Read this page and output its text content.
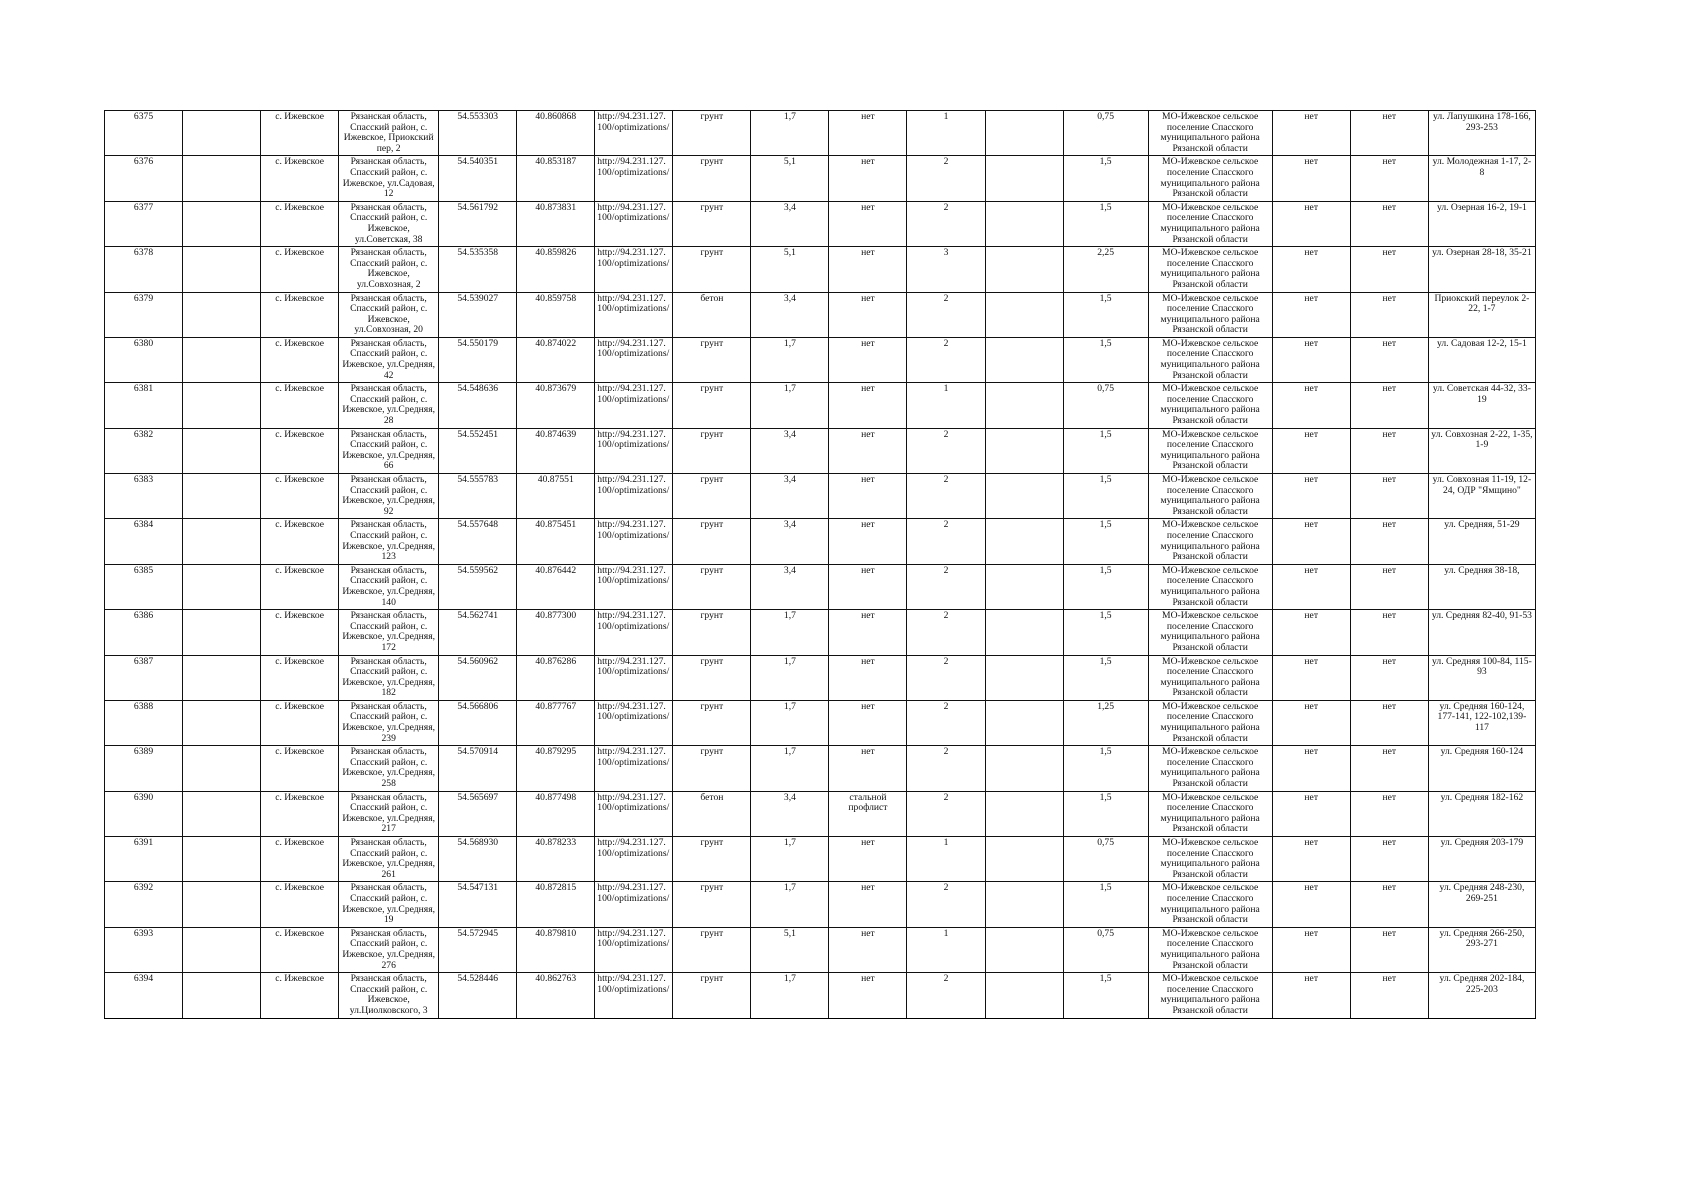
6375		с. Ижевское	Рязанская область, Спасский район, с. Ижевское, Приокский пер, 2	54.553303	40.860868	http://94.231.127.100/optimizations/	грунт	1,7	нет	1		0,75	МО-Ижевское сельское поселение Спасского муниципального района Рязанской области	нет	нет	ул. Лапушкина 178-166, 293-253
6376		с. Ижевское	Рязанская область, Спасский район, с. Ижевское, ул.Садовая, 12	54.540351	40.853187	http://94.231.127.100/optimizations/	грунт	5,1	нет	2		1,5	МО-Ижевское сельское поселение Спасского муниципального района Рязанской области	нет	нет	ул. Молодежная 1-17, 2-8
6377		с. Ижевское	Рязанская область, Спасский район, с. Ижевское, ул.Советская, 38	54.561792	40.873831	http://94.231.127.100/optimizations/	грунт	3,4	нет	2		1,5	МО-Ижевское сельское поселение Спасского муниципального района Рязанской области	нет	нет	ул. Озерная 16-2, 19-1
6378		с. Ижевское	Рязанская область, Спасский район, с. Ижевское, ул.Совхозная, 2	54.535358	40.859826	http://94.231.127.100/optimizations/	грунт	5,1	нет	3		2,25	МО-Ижевское сельское поселение Спасского муниципального района Рязанской области	нет	нет	ул. Озерная 28-18, 35-21
6379		с. Ижевское	Рязанская область, Спасский район, с. Ижевское, ул.Совхозная, 20	54.539027	40.859758	http://94.231.127.100/optimizations/	бетон	3,4	нет	2		1,5	МО-Ижевское сельское поселение Спасского муниципального района Рязанской области	нет	нет	Приокский переулок 2-22, 1-7
6380		с. Ижевское	Рязанская область, Спасский район, с. Ижевское, ул.Средняя, 42	54.550179	40.874022	http://94.231.127.100/optimizations/	грунт	1,7	нет	2		1,5	МО-Ижевское сельское поселение Спасского муниципального района Рязанской области	нет	нет	ул. Садовая 12-2, 15-1
6381		с. Ижевское	Рязанская область, Спасский район, с. Ижевское, ул.Средняя, 28	54.548636	40.873679	http://94.231.127.100/optimizations/	грунт	1,7	нет	1		0,75	МО-Ижевское сельское поселение Спасского муниципального района Рязанской области	нет	нет	ул. Советская 44-32, 33-19
6382		с. Ижевское	Рязанская область, Спасский район, с. Ижевское, ул.Средняя, 66	54.552451	40.874639	http://94.231.127.100/optimizations/	грунт	3,4	нет	2		1,5	МО-Ижевское сельское поселение Спасского муниципального района Рязанской области	нет	нет	ул. Совхозная 2-22, 1-35, 1-9
6383		с. Ижевское	Рязанская область, Спасский район, с. Ижевское, ул.Средняя, 92	54.555783	40.87551	http://94.231.127.100/optimizations/	грунт	3,4	нет	2		1,5	МО-Ижевское сельское поселение Спасского муниципального района Рязанской области	нет	нет	ул. Совхозная 11-19, 12-24, ОДР "Ямщино"
6384		с. Ижевское	Рязанская область, Спасский район, с. Ижевское, ул.Средняя, 123	54.557648	40.875451	http://94.231.127.100/optimizations/	грунт	3,4	нет	2		1,5	МО-Ижевское сельское поселение Спасского муниципального района Рязанской области	нет	нет	ул. Средняя, 51-29
6385		с. Ижевское	Рязанская область, Спасский район, с. Ижевское, ул.Средняя, 140	54.559562	40.876442	http://94.231.127.100/optimizations/	грунт	3,4	нет	2		1,5	МО-Ижевское сельское поселение Спасского муниципального района Рязанской области	нет	нет	ул. Средняя 38-18,
6386		с. Ижевское	Рязанская область, Спасский район, с. Ижевское, ул.Средняя, 172	54.562741	40.877300	http://94.231.127.100/optimizations/	грунт	1,7	нет	2		1,5	МО-Ижевское сельское поселение Спасского муниципального района Рязанской области	нет	нет	ул. Средняя 82-40, 91-53
6387		с. Ижевское	Рязанская область, Спасский район, с. Ижевское, ул.Средняя, 182	54.560962	40.876286	http://94.231.127.100/optimizations/	грунт	1,7	нет	2		1,5	МО-Ижевское сельское поселение Спасского муниципального района Рязанской области	нет	нет	ул. Средняя 100-84, 115-93
6388		с. Ижевское	Рязанская область, Спасский район, с. Ижевское, ул.Средняя, 239	54.566806	40.877767	http://94.231.127.100/optimizations/	грунт	1,7	нет	2		1,25	МО-Ижевское сельское поселение Спасского муниципального района Рязанской области	нет	нет	ул. Средняя 160-124, 177-141, 122-102,139-117
6389		с. Ижевское	Рязанская область, Спасский район, с. Ижевское, ул.Средняя, 258	54.570914	40.879295	http://94.231.127.100/optimizations/	грунт	1,7	нет	2		1,5	МО-Ижевское сельское поселение Спасского муниципального района Рязанской области	нет	нет	ул. Средняя 160-124
6390		с. Ижевское	Рязанская область, Спасский район, с. Ижевское, ул.Средняя, 217	54.565697	40.877498	http://94.231.127.100/optimizations/	бетон	3,4	стальной профлист	2		1,5	МО-Ижевское сельское поселение Спасского муниципального района Рязанской области	нет	нет	ул. Средняя 182-162
6391		с. Ижевское	Рязанская область, Спасский район, с. Ижевское, ул.Средняя, 261	54.568930	40.878233	http://94.231.127.100/optimizations/	грунт	1,7	нет	1		0,75	МО-Ижевское сельское поселение Спасского муниципального района Рязанской области	нет	нет	ул. Средняя 203-179
6392		с. Ижевское	Рязанская область, Спасский район, с. Ижевское, ул.Средняя, 19	54.547131	40.872815	http://94.231.127.100/optimizations/	грунт	1,7	нет	2		1,5	МО-Ижевское сельское поселение Спасского муниципального района Рязанской области	нет	нет	ул. Средняя 248-230, 269-251
6393		с. Ижевское	Рязанская область, Спасский район, с. Ижевское, ул.Средняя, 276	54.572945	40.879810	http://94.231.127.100/optimizations/	грунт	5,1	нет	1		0,75	МО-Ижевское сельское поселение Спасского муниципального района Рязанской области	нет	нет	ул. Средняя 266-250, 293-271
6394		с. Ижевское	Рязанская область, Спасский район, с. Ижевское, ул.Циолковского, 3	54.528446	40.862763	http://94.231.127.100/optimizations/	грунт	1,7	нет	2		1,5	МО-Ижевское сельское поселение Спасского муниципального района Рязанской области	нет	нет	ул. Средняя 202-184, 225-203
